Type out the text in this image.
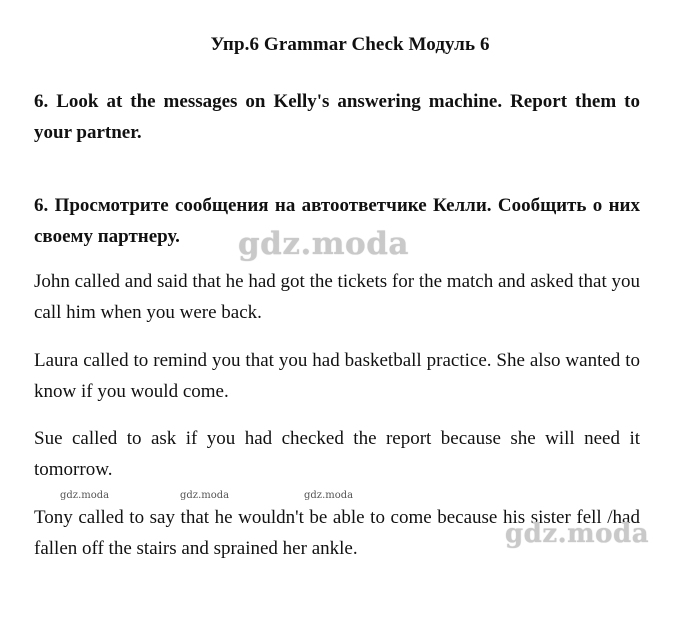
Упр.6 Grammar Check Модуль 6

6. Look at the messages on Kelly's answering machine. Report them to your partner.

6. Просмотрите сообщения на автоответчике Келли. Сообщить о них своему партнеру.

John called and said that he had got the tickets for the match and asked that you call him when you were back.

Laura called to remind you that you had basketball practice. She also wanted to know if you would come.

Sue called to ask if you had checked the report because she will need it tomorrow.

Tony called to say that he wouldn't be able to come because his sister fell /had fallen off the stairs and sprained her ankle.

gdz.moda
gdz.moda
gdz.moda	gdz.moda	gdz.moda
